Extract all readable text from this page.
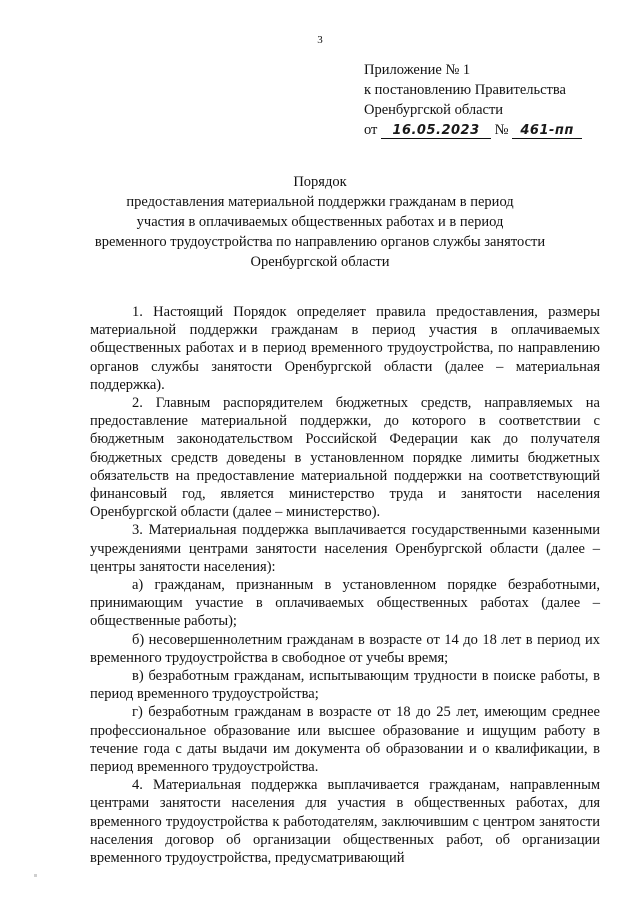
3
Приложение № 1
к постановлению Правительства
Оренбургской области
от 16.05.2023 № 461-пп
Порядок
предоставления материальной поддержки гражданам в период
участия в оплачиваемых общественных работах и в период
временного трудоустройства по направлению органов службы занятости
Оренбургской области

1. Настоящий Порядок определяет правила предоставления, размеры материальной поддержки гражданам в период участия в оплачиваемых общественных работах и в период временного трудоустройства, по направлению органов службы занятости Оренбургской области (далее – материальная поддержка).

2. Главным распорядителем бюджетных средств, направляемых на предоставление материальной поддержки, до которого в соответствии с бюджетным законодательством Российской Федерации как до получателя бюджетных средств доведены в установленном порядке лимиты бюджетных обязательств на предоставление материальной поддержки на соответствующий финансовый год, является министерство труда и занятости населения Оренбургской области (далее – министерство).

3. Материальная поддержка выплачивается государственными казенными учреждениями центрами занятости населения Оренбургской области (далее – центры занятости населения):

а) гражданам, признанным в установленном порядке безработными, принимающим участие в оплачиваемых общественных работах (далее – общественные работы);

б) несовершеннолетним гражданам в возрасте от 14 до 18 лет в период их временного трудоустройства в свободное от учебы время;

в) безработным гражданам, испытывающим трудности в поиске работы, в период временного трудоустройства;

г) безработным гражданам в возрасте от 18 до 25 лет, имеющим среднее профессиональное образование или высшее образование и ищущим работу в течение года с даты выдачи им документа об образовании и о квалификации, в период временного трудоустройства.

4. Материальная поддержка выплачивается гражданам, направленным центрами занятости населения для участия в общественных работах, для временного трудоустройства к работодателям, заключившим с центром занятости населения договор об организации общественных работ, об организации временного трудоустройства, предусматривающий
